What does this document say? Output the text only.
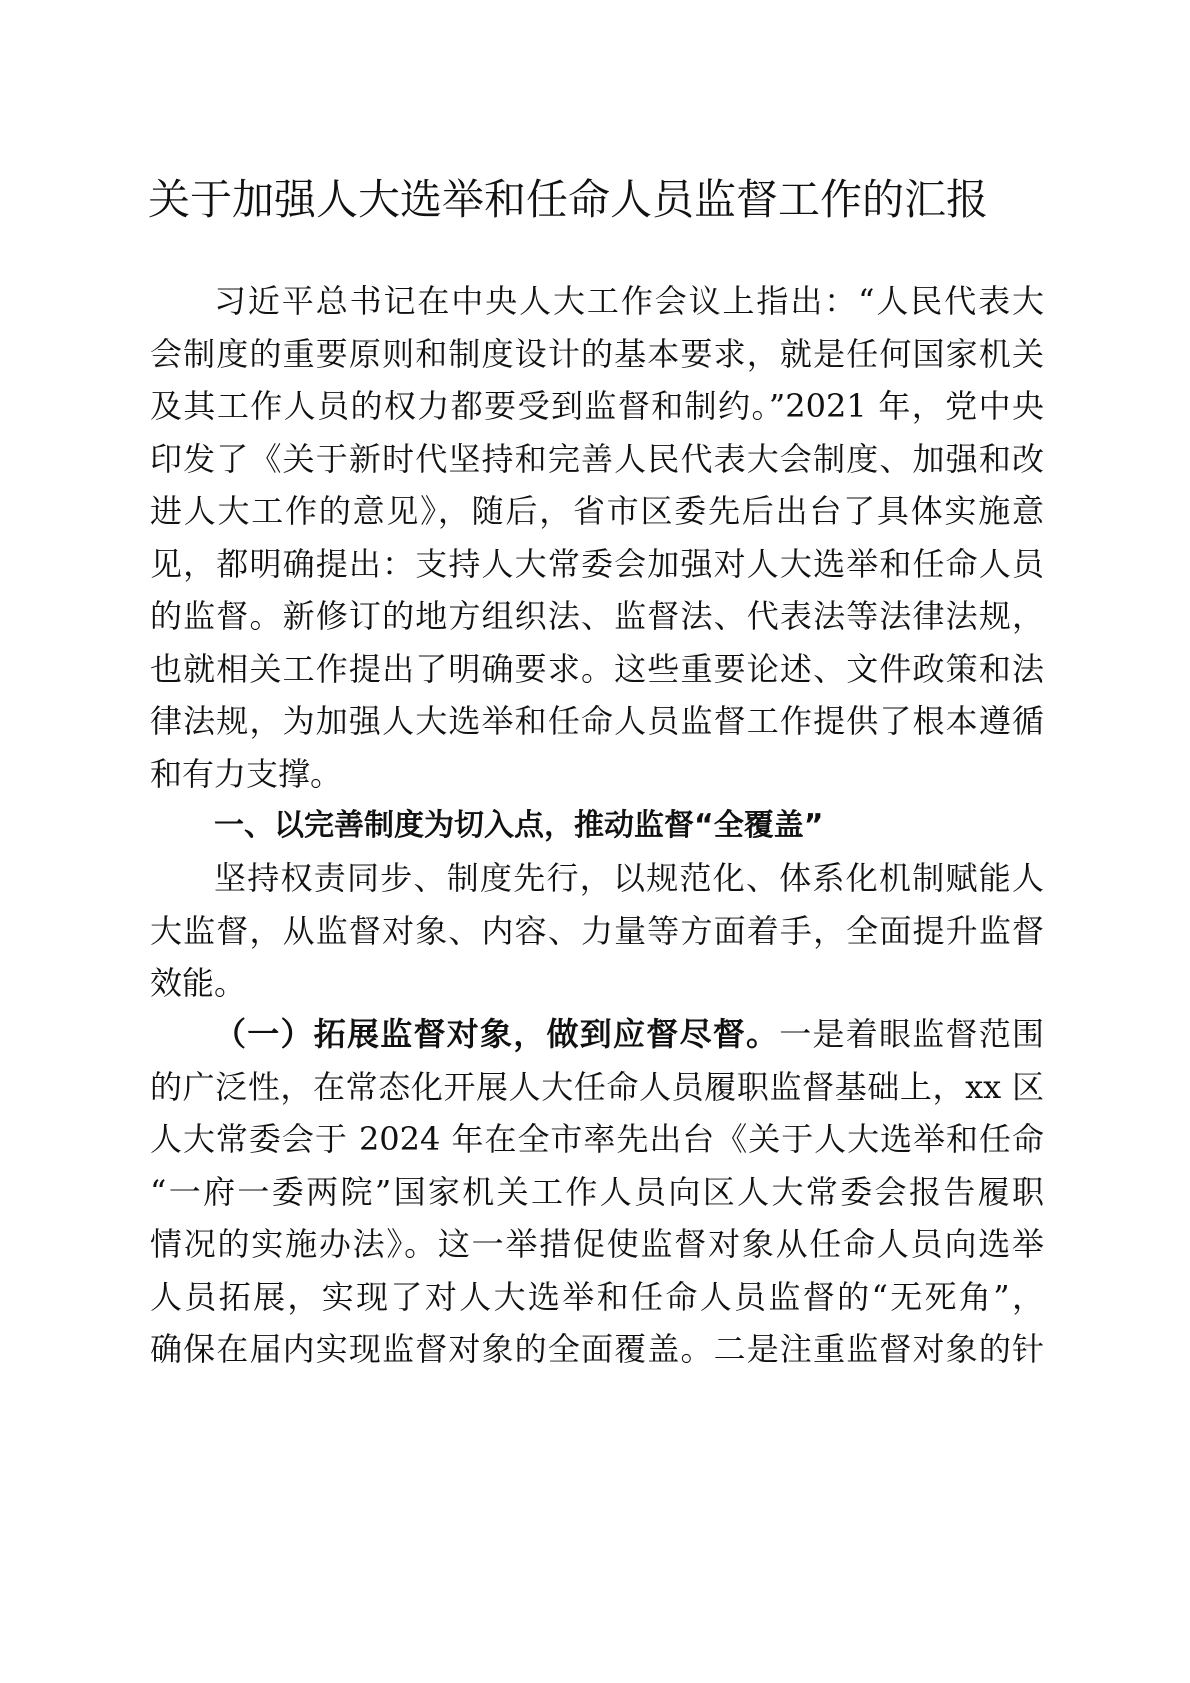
关于加强人大选举和任命人员监督工作的汇报
习近平总书记在中央人大工作会议上指出：“人民代表大
会制度的重要原则和制度设计的基本要求，就是任何国家机关
及其工作人员的权力都要受到监督和制约。”2021 年，党中央
印发了《关于新时代坚持和完善人民代表大会制度、加强和改
进人大工作的意见》，随后，省市区委先后出台了具体实施意
见，都明确提出：支持人大常委会加强对人大选举和任命人员
的监督。新修订的地方组织法、监督法、代表法等法律法规，
也就相关工作提出了明确要求。这些重要论述、文件政策和法
律法规，为加强人大选举和任命人员监督工作提供了根本遵循
和有力支撑。
一、以完善制度为切入点，推动监督“全覆盖”
坚持权责同步、制度先行，以规范化、体系化机制赋能人
大监督，从监督对象、内容、力量等方面着手，全面提升监督
效能。
（一）拓展监督对象，做到应督尽督。一是着眼监督范围
的广泛性，在常态化开展人大任命人员履职监督基础上，xx 区
人大常委会于 2024 年在全市率先出台《关于人大选举和任命
“一府一委两院”国家机关工作人员向区人大常委会报告履职
情况的实施办法》。这一举措促使监督对象从任命人员向选举
人员拓展，实现了对人大选举和任命人员监督的“无死角”，
确保在届内实现监督对象的全面覆盖。二是注重监督对象的针
